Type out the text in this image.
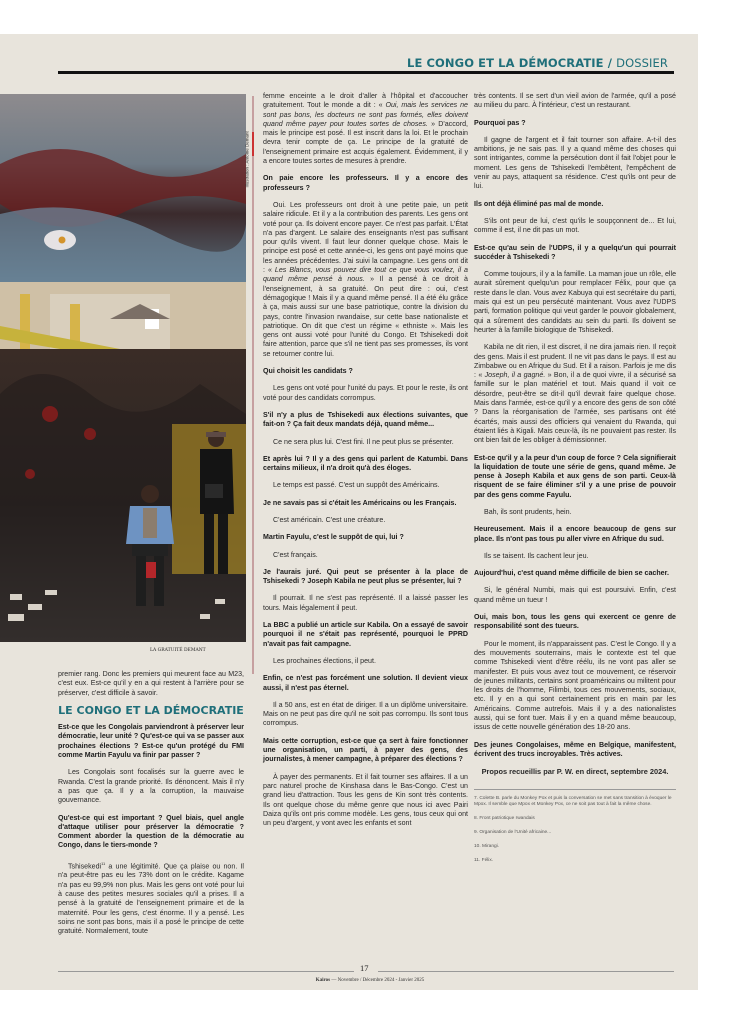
LE CONGO ET LA DÉMOCRATIE / DOSSIER
Illustration : Antoine Demant
LA GRATUITÉ DEMANT

premier rang. Donc les premiers qui meurent face au M23, c'est eux. Est-ce qu'il y en a qui restent à l'arrière pour se préserver, c'est difficile à savoir.

LE CONGO ET LA DÉMOCRATIE

Est-ce que les Congolais parviendront à préserver leur démocratie, leur unité ? Qu'est-ce qui va se passer aux prochaines élections ? Est-ce qu'un protégé du FMI comme Martin Fayulu va finir par passer ?

Les Congolais sont focalisés sur la guerre avec le Rwanda. C'est la grande priorité. Ils dénoncent. Mais il n'y a pas que ça. Il y a la corruption, la mauvaise gouvernance.

Qu'est-ce qui est important ? Quel biais, quel angle d'attaque utiliser pour préserver la démocratie ? Comment aborder la question de la démocratie au Congo, dans le tiers-monde ?

Tshisekedi$^{11}$ a une légitimité. Que ça plaise ou non. Il n'a peut-être pas eu les 73% dont on le crédite. Kagame n'a pas eu 99,9% non plus. Mais les gens ont voté pour lui à cause des petites mesures sociales qu'il a prises. Il a pensé à la gratuité de l'enseignement primaire et de la maternité. Pour les gens, c'est énorme. Il y a pensé. Les soins ne sont pas bons, mais il a posé le principe de cette gratuité. Normalement, toute

femme enceinte a le droit d'aller à l'hôpital et d'accoucher gratuitement. Tout le monde a dit : « Oui, mais les services ne sont pas bons, les docteurs ne sont pas formés, elles doivent quand même payer pour toutes sortes de choses. » D'accord, mais le principe est posé. Il est inscrit dans la loi. Et le prochain devra tenir compte de ça. Le principe de la gratuité de l'enseignement primaire est acquis également. Évidemment, il y a encore toutes sortes de mesures à prendre.

On paie encore les professeurs. Il y a encore des professeurs ?

Oui. Les professeurs ont droit à une petite paie, un petit salaire ridicule. Et il y a la contribution des parents. Les gens ont voté pour ça. Ils doivent encore payer. Ce n'est pas parfait. L'État n'a pas d'argent. Le salaire des enseignants n'est pas suffisant pour qu'ils vivent. Il faut leur donner quelque chose. Mais le principe est posé et cette année-ci, les gens ont payé moins que les années précédentes. J'ai suivi la campagne. Les gens ont dit : « Les Blancs, vous pouvez dire tout ce que vous voulez, il a quand même pensé à nous. » Il a pensé à ce droit à l'enseignement, à sa gratuité. On peut dire : oui, c'est démagogique ! Mais il y a quand même pensé. Il a été élu grâce à ça, mais aussi sur une base patriotique, contre la division du pays, contre l'invasion rwandaise, sur cette base nationaliste et patriotique. On dit que c'est un régime « ethniste ». Mais les gens ont aussi voté pour l'unité du Congo. Et Tshisekedi doit faire attention, parce que s'il ne tient pas ses promesses, ils vont se retourner contre lui.

Qui choisit les candidats ?

Les gens ont voté pour l'unité du pays. Et pour le reste, ils ont voté pour des candidats corrompus.

S'il n'y a plus de Tshisekedi aux élections suivantes, que fait-on ? Ça fait deux mandats déjà, quand même...

Ce ne sera plus lui. C'est fini. Il ne peut plus se présenter.

Et après lui ? Il y a des gens qui parlent de Katumbi. Dans certains milieux, il n'a droit qu'à des éloges.

Le temps est passé. C'est un suppôt des Américains.

Je ne savais pas si c'était les Américains ou les Français.

C'est américain. C'est une créature.

Martin Fayulu, c'est le suppôt de qui, lui ?

C'est français.

Je l'aurais juré. Qui peut se présenter à la place de Tshisekedi ? Joseph Kabila ne peut plus se présenter, lui ?

Il pourrait. Il ne s'est pas représenté. Il a laissé passer les tours. Mais légalement il peut.

La BBC a publié un article sur Kabila. On a essayé de savoir pourquoi il ne s'était pas représenté, pourquoi le PPRD n'avait pas fait campagne.

Les prochaines élections, il peut.

Enfin, ce n'est pas forcément une solution. Il devient vieux aussi, il n'est pas éternel.

Il a 50 ans, est en état de diriger. Il a un diplôme universitaire. Mais on ne peut pas dire qu'il ne soit pas corrompu. Ils sont tous corrompus.

Mais cette corruption, est-ce que ça sert à faire fonctionner une organisation, un parti, à payer des gens, des journalistes, à mener campagne, à préparer des élections ?

À payer des permanents. Et il fait tourner ses affaires. Il a un parc naturel proche de Kinshasa dans le Bas-Congo. C'est un grand lieu d'attraction. Tous les gens de Kin sont très contents. Ils ont quelque chose du même genre que nous ici avec Pairi Daiza qu'ils ont pris comme modèle. Les gens, tous ceux qui ont un peu d'argent, y vont avec les enfants et sont

très contents. Il se sert d'un vieil avion de l'armée, qu'il a posé au milieu du parc. À l'intérieur, c'est un restaurant.

Pourquoi pas ?

Il gagne de l'argent et il fait tourner son affaire. A-t-il des ambitions, je ne sais pas. Il y a quand même des choses qui sont intrigantes, comme la persécution dont il fait l'objet pour le moment. Les gens de Tshisekedi l'embêtent, l'empêchent de venir au pays, attaquent sa résidence. C'est qu'ils ont peur de lui.

Ils ont déjà éliminé pas mal de monde.

S'ils ont peur de lui, c'est qu'ils le soupçonnent de... Et lui, comme il est, il ne dit pas un mot.

Est-ce qu'au sein de l'UDPS, il y a quelqu'un qui pourrait succéder à Tshisekedi ?

Comme toujours, il y a la famille. La maman joue un rôle, elle aurait sûrement quelqu'un pour remplacer Félix, pour que ça reste dans le clan. Vous avez Kabuya qui est secrétaire du parti, mais qui est un peu persécuté maintenant. Vous avez l'UDPS parti, formation politique qui veut garder le pouvoir globalement, qui a sûrement des candidats au sein du parti. Ils doivent se heurter à la famille biologique de Tshisekedi.

Kabila ne dit rien, il est discret, il ne dira jamais rien. Il reçoit des gens. Mais il est prudent. Il ne vit pas dans le pays. Il est au Zimbabwe ou en Afrique du Sud. Et il a raison. Parfois je me dis : « Joseph, il a gagné. » Bon, il a de quoi vivre, il a sécurisé sa famille sur le plan matériel et tout. Mais quand il voit ce désordre, peut-être se dit-il qu'il devrait faire quelque chose. Mais dans l'armée, est-ce qu'il y a encore des gens de son côté ? Dans la réorganisation de l'armée, ses partisans ont été écartés, mais aussi des officiers qui venaient du Rwanda, qui étaient liés à Kigali. Mais ceux-là, ils ne pouvaient pas rester. Ils ont bien fait de les obliger à démissionner.

Est-ce qu'il y a la peur d'un coup de force ? Cela signifierait la liquidation de toute une série de gens, quand même. Je pense à Joseph Kabila et aux gens de son parti. Ceux-là risquent de se faire éliminer s'il y a une prise de pouvoir par des gens comme Fayulu.

Bah, ils sont prudents, hein.

Heureusement. Mais il a encore beaucoup de gens sur place. Ils n'ont pas tous pu aller vivre en Afrique du sud.

Ils se taisent. Ils cachent leur jeu.

Aujourd'hui, c'est quand même difficile de bien se cacher.

Si, le général Numbi, mais qui est poursuivi. Enfin, c'est quand même un tueur !

Oui, mais bon, tous les gens qui exercent ce genre de responsabilité sont des tueurs.

Pour le moment, ils n'apparaissent pas. C'est le Congo. Il y a des mouvements souterrains, mais le contexte est tel que comme Tshisekedi vient d'être réélu, ils ne vont pas aller se manifester. Et puis vous avez tout ce mouvement, ce réservoir de jeunes militants, certains sont proaméricains ou militent pour les droits de l'homme, Filimbi, tous ces mouvements, sociaux, etc. Il y en a qui sont certainement pris en main par les Américains. Comme autrefois. Mais il y a des nationalistes aussi, qui se font tuer. Mais il y en a quand même beaucoup, issus de cette nouvelle génération des 18-20 ans.

Des jeunes Congolaises, même en Belgique, manifestent, écrivent des trucs incroyables. Très actives.

Propos recueillis par P. W. en direct, septembre 2024.

7. Colette B. parle du Monkey Pox et puis la conversation se met sans transition à évoquer le Mpox. Il semble que Mpox et Monkey Pox, ce ne soit pas tout à fait la même chose.

8. Front patriotique rwandais

9. Organisation de l'Unité africaine...

10. Mirangi.

11. Félix.

17
Kairos — Novembre / Décembre 2024 - Janvier 2025
